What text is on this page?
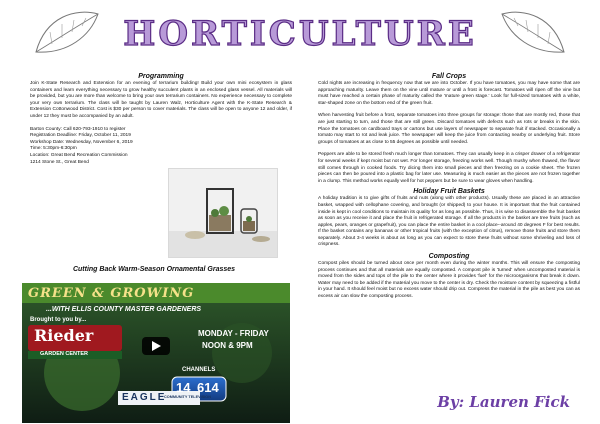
HORTICULTURE
Programming

Join K-State Research and Extension for an evening of terrarium building! Build your own mini ecosystem in glass containers and learn everything necessary to grow healthy succulent plants in an enclosed glass vessel. All materials will be provided, but you are more than welcome to bring your own terrarium containers. No experience necessary to complete your very own terrarium. The class will be taught by Lauren Walz, Horticulture Agent with the K-State Research & Extension Cottonwood District. Cost is $30 per person to cover materials. The class will be open to anyone 12 and older, if under 12 they must be accompanied by an adult.

Barton County: Call 620-793-1910 to register

Registration Deadline: Friday, October 11, 2019

Workshop Date: Wednesday, November 6, 2019

Time: 5:30pm-6:30pm

Location: Great Bend Recreation Commission

1214 Stone St., Great Bend

Cutting Back Warm-Season Ornamental Grasses
GREEN & GROWING
...WITH ELLIS COUNTY MASTER GARDENERS
Brought to you by...
Rieder
GARDEN CENTER
MONDAY - FRIDAY
NOON & 9PM
CHANNELS
14 614
EAGLE
COMMUNITY TELEVISION
Fall Crops

Cold nights are increasing in frequency now that we are into October. If you have tomatoes, you may have some that are approaching maturity. Leave them on the vine until mature or until a frost is forecast. Tomatoes will ripen off the vine but must have reached a certain phase of maturity called the 'mature green stage.' Look for full-sized tomatoes with a white, star-shaped zone on the bottom end of the green fruit.

When harvesting fruit before a frost, separate tomatoes into three groups for storage: those that are mostly red, those that are just starting to turn, and those that are still green. Discard tomatoes with defects such as rots or breaks in the skin. Place the tomatoes on cardboard trays or cartons but use layers of newspaper to separate fruit if stacked. Occasionally a tomato may start to rot and leak juice. The newspaper will keep the juice from contacting nearby or underlying fruit. Store groups of tomatoes at as close to 55 degrees as possible until needed.

Peppers are able to be stored fresh much longer than tomatoes. They can usually keep in a crisper drawer of a refrigerator for several weeks if kept moist but not wet. For longer storage, freezing works well. Though mushy when thawed, the flavor still comes through in cooked foods. Try dicing them into small pieces and then freezing on a cookie sheet. The frozen pieces can then be poured into a plastic bag for later use. Measuring is much easier as the pieces are not frozen together in a clump. This method works equally well for hot peppers but be sure to wear gloves when handling.

Holiday Fruit Baskets

A holiday tradition is to give gifts of fruits and nuts (along with other products). Usually these are placed in an attractive basket, wrapped with cellophane covering, and brought (or shipped) to your house. It is important that the fruit contained inside is kept in cool conditions to maintain its quality for as long as possible. Thus, it is wise to disassemble the fruit basket as soon as you receive it and place the fruit in refrigerated storage. If all the products in the basket are tree fruits (such as apples, pears, oranges or grapefruit), you can place the entire basket in a cool place--around 40 degrees F for best results. If the basket contains any bananas or other tropical fruits (with the exception of citrus), remove those fruits and store them separately. About 3-4 weeks is about as long as you can expect to store these fruits without some shriveling and loss of crispness.

Composting

Compost piles should be turned about once per month even during the winter months. This will ensure the composting process continues and that all materials are equally composted. A compost pile is 'turned' when uncomposted material is moved from the sides and tops of the pile to the center where it provides 'fuel' for the microorganisms that break it down. Water may need to be added if the material you move to the center is dry. Check the moisture content by squeezing a fistful in your hand. It should feel moist but no excess water should drip out. Compress the material in the pile as best you can as excess air can slow the composting process.

By: Lauren Fick
